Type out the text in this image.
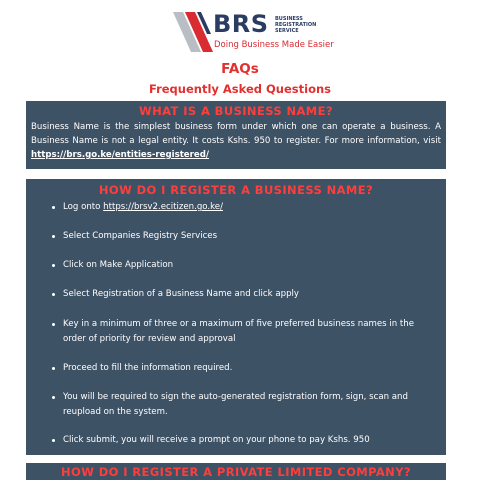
BRS BUSINESS
REGISTRATION
SERVICE
Doing Business Made Easier
FAQs
Frequently Asked Questions
WHAT IS A BUSINESS NAME?
Business Name is the simplest business form under which one can operate a business. A Business Name is not a legal entity. It costs Kshs. 950 to register. For more information, visit https://brs.go.ke/entities-registered/
HOW DO I REGISTER A BUSINESS NAME?
Log onto https://brsv2.ecitizen.go.ke/
Select Companies Registry Services
Click on Make Application
Select Registration of a Business Name and click apply
Key in a minimum of three or a maximum of five preferred business names in the order of priority for review and approval
Proceed to fill the information required.
You will be required to sign the auto-generated registration form, sign, scan and reupload on the system.
Click submit, you will receive a prompt on your phone to pay Kshs. 950
HOW DO I REGISTER A PRIVATE LIMITED COMPANY?
